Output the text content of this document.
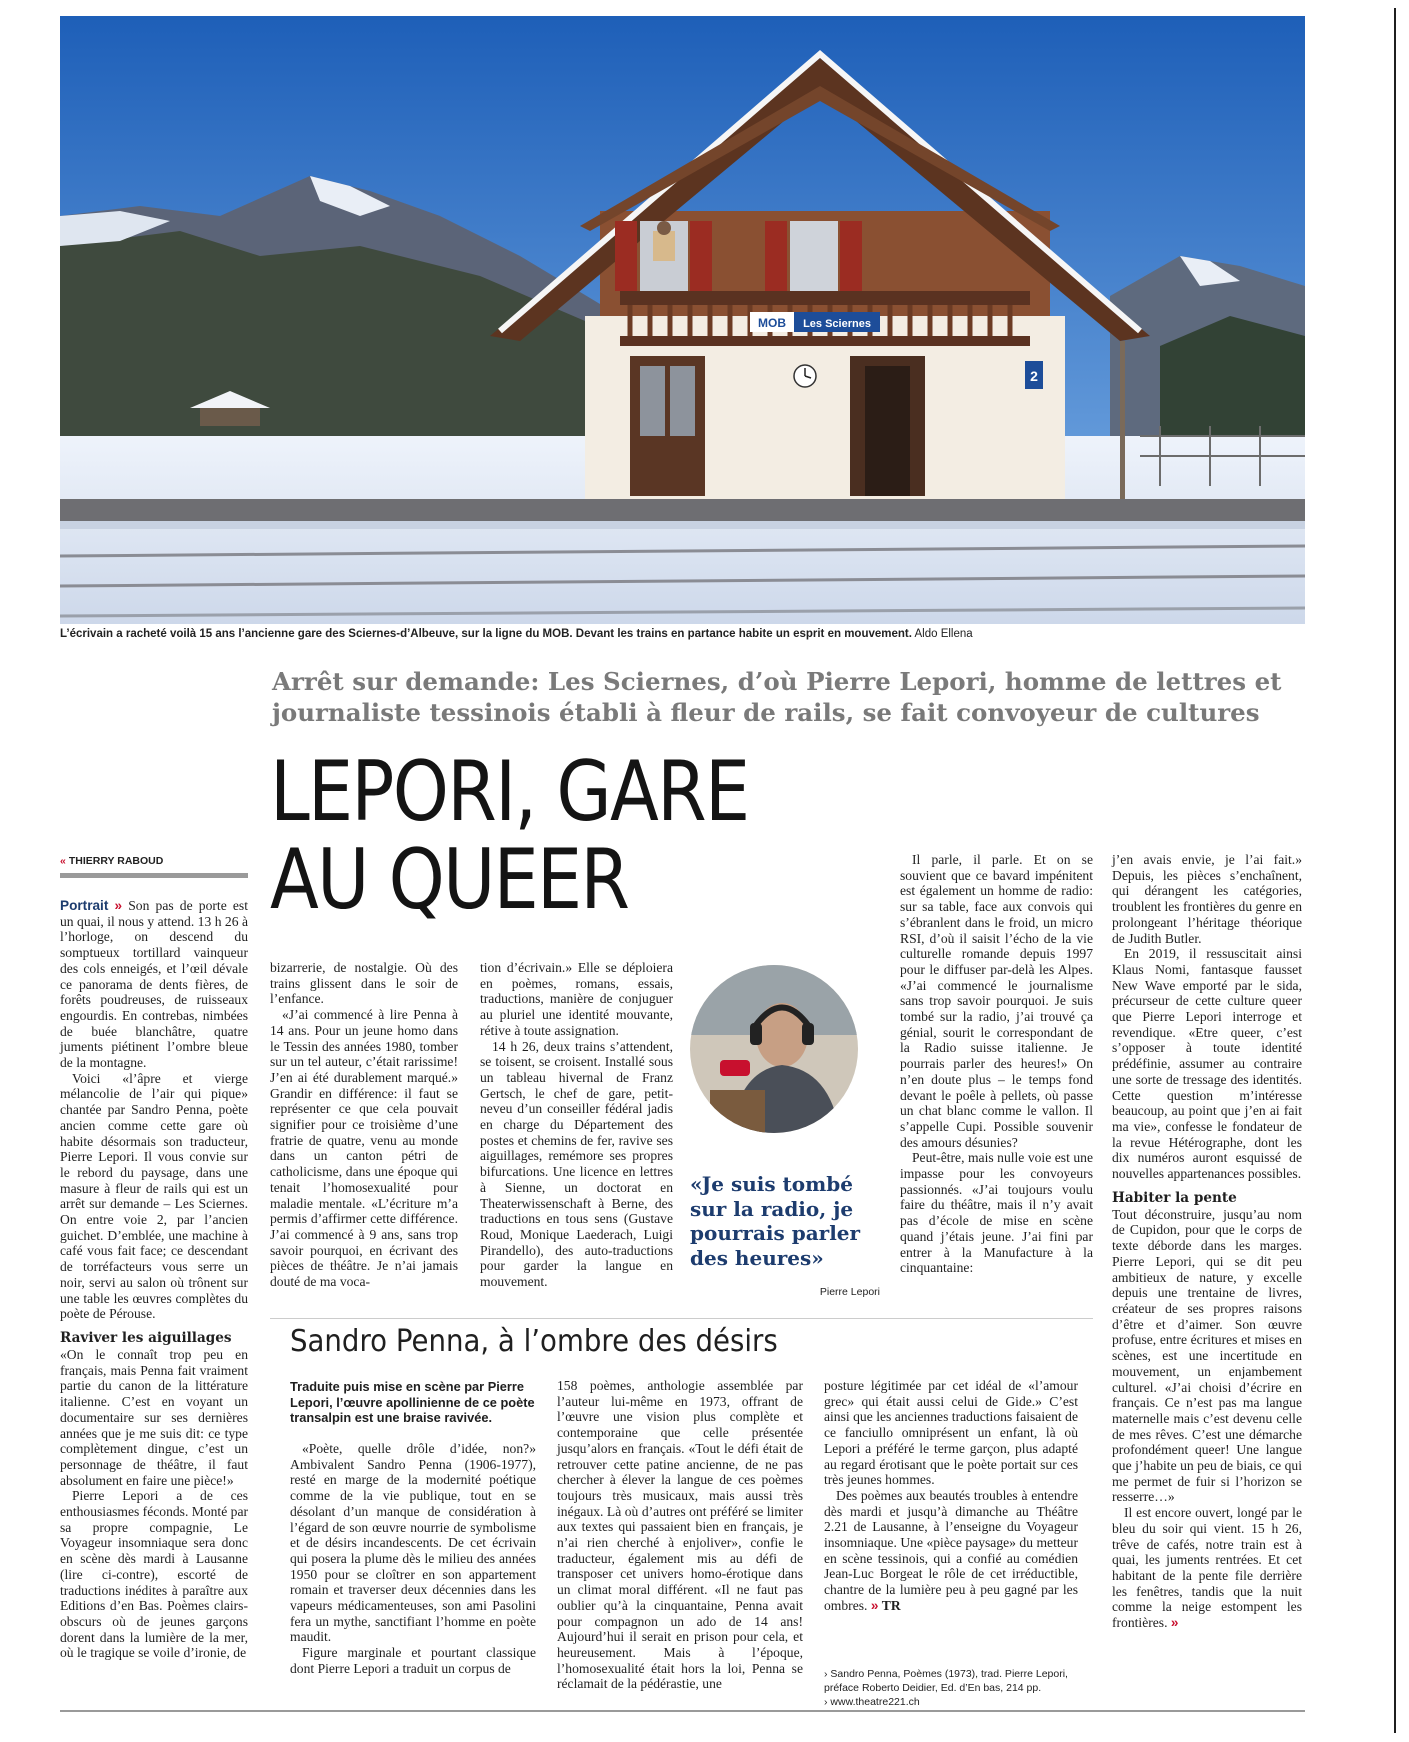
MOB Les Sciernes
2
L’écrivain a racheté voilà 15 ans l’ancienne gare des Sciernes-d’Albeuve, sur la ligne du MOB. Devant les trains en partance habite un esprit en mouvement. Aldo Ellena
Arrêt sur demande: Les Sciernes, d’où Pierre Lepori, homme de lettres et journaliste tessinois établi à fleur de rails, se fait convoyeur de cultures
LEPORI, GARE
AU QUEER
« THIERRY RABOUD

Portrait » Son pas de porte est un quai, il nous y attend. 13 h 26 à l’horloge, on descend du somptueux tortillard vainqueur des cols enneigés, et l’œil dévale ce panorama de dents fières, de forêts poudreuses, de ruisseaux engourdis. En contrebas, nimbées de buée blanchâtre, quatre juments piétinent l’ombre bleue de la montagne.

Voici «l’âpre et vierge mélancolie de l’air qui pique» chantée par Sandro Penna, poète ancien comme cette gare où habite désormais son traducteur, Pierre Lepori. Il vous convie sur le rebord du paysage, dans une masure à fleur de rails qui est un arrêt sur demande – Les Sciernes. On entre voie 2, par l’ancien guichet. D’emblée, une machine à café vous fait face; ce descendant de torréfacteurs vous serre un noir, servi au salon où trônent sur une table les œuvres complètes du poète de Pérouse.

Raviver les aiguillages

«On le connaît trop peu en français, mais Penna fait vraiment partie du canon de la littérature italienne. C’est en voyant un documentaire sur ses dernières années que je me suis dit: ce type complètement dingue, c’est un personnage de théâtre, il faut absolument en faire une pièce!»

Pierre Lepori a de ces enthousiasmes féconds. Monté par sa propre compagnie, Le Voyageur insomniaque sera donc en scène dès mardi à Lausanne (lire ci-contre), escorté de traductions inédites à paraître aux Editions d’en Bas. Poèmes clairs-obscurs où de jeunes garçons dorent dans la lumière de la mer, où le tragique se voile d’ironie, de

bizarrerie, de nostalgie. Où des trains glissent dans le soir de l’enfance.

«J’ai commencé à lire Penna à 14 ans. Pour un jeune homo dans le Tessin des années 1980, tomber sur un tel auteur, c’était rarissime! J’en ai été durablement marqué.» Grandir en différence: il faut se représenter ce que cela pouvait signifier pour ce troisième d’une fratrie de quatre, venu au monde dans un canton pétri de catholicisme, dans une époque qui tenait l’homosexualité pour maladie mentale. «L’écriture m’a permis d’affirmer cette différence. J’ai commencé à 9 ans, sans trop savoir pourquoi, en écrivant des pièces de théâtre. Je n’ai jamais douté de ma voca-

tion d’écrivain.» Elle se déploiera en poèmes, romans, essais, traductions, manière de conjuguer au pluriel une identité mouvante, rétive à toute assignation.

14 h 26, deux trains s’attendent, se toisent, se croisent. Installé sous un tableau hivernal de Franz Gertsch, le chef de gare, petit-neveu d’un conseiller fédéral jadis en charge du Département des postes et chemins de fer, ravive ses aiguillages, remémore ses propres bifurcations. Une licence en lettres à Sienne, un doctorat en Theaterwissenschaft à Berne, des traductions en tous sens (Gustave Roud, Monique Laederach, Luigi Pirandello), des auto-traductions pour garder la langue en mouvement.

«Je suis tombé sur la radio, je pourrais parler des heures»
Pierre Lepori

Il parle, il parle. Et on se souvient que ce bavard impénitent est également un homme de radio: sur sa table, face aux convois qui s’ébranlent dans le froid, un micro RSI, d’où il saisit l’écho de la vie culturelle romande depuis 1997 pour le diffuser par-delà les Alpes. «J’ai commencé le journalisme sans trop savoir pourquoi. Je suis tombé sur la radio, j’ai trouvé ça génial, sourit le correspondant de la Radio suisse italienne. Je pourrais parler des heures!» On n’en doute plus – le temps fond devant le poêle à pellets, où passe un chat blanc comme le vallon. Il s’appelle Cupi. Possible souvenir des amours désunies?

Peut-être, mais nulle voie est une impasse pour les convoyeurs passionnés. «J’ai toujours voulu faire du théâtre, mais il n’y avait pas d’école de mise en scène quand j’étais jeune. J’ai fini par entrer à la Manufacture à la cinquantaine:

j’en avais envie, je l’ai fait.» Depuis, les pièces s’enchaînent, qui dérangent les catégories, troublent les frontières du genre en prolongeant l’héritage théorique de Judith Butler.

En 2019, il ressuscitait ainsi Klaus Nomi, fantasque fausset New Wave emporté par le sida, précurseur de cette culture queer que Pierre Lepori interroge et revendique. «Etre queer, c’est s’opposer à toute identité prédéfinie, assumer au contraire une sorte de tressage des identités. Cette question m’intéresse beaucoup, au point que j’en ai fait ma vie», confesse le fondateur de la revue Hétérographe, dont les dix numéros auront esquissé de nouvelles appartenances possibles.

Habiter la pente

Tout déconstruire, jusqu’au nom de Cupidon, pour que le corps de texte déborde dans les marges. Pierre Lepori, qui se dit peu ambitieux de nature, y excelle depuis une trentaine de livres, créateur de ses propres raisons d’être et d’aimer. Son œuvre profuse, entre écritures et mises en scènes, est une incertitude en mouvement, un enjambement culturel. «J’ai choisi d’écrire en français. Ce n’est pas ma langue maternelle mais c’est devenu celle de mes rêves. C’est une démarche profondément queer! Une langue que j’habite un peu de biais, ce qui me permet de fuir si l’horizon se resserre…»

Il est encore ouvert, longé par le bleu du soir qui vient. 15 h 26, trêve de cafés, notre train est à quai, les juments rentrées. Et cet habitant de la pente file derrière les fenêtres, tandis que la nuit comme la neige estompent les frontières. »

Sandro Penna, à l’ombre des désirs
Traduite puis mise en scène par Pierre Lepori, l’œuvre apollinienne de ce poète transalpin est une braise ravivée.

«Poète, quelle drôle d’idée, non?» Ambivalent Sandro Penna (1906-1977), resté en marge de la modernité poétique comme de la vie publique, tout en se désolant d’un manque de considération à l’égard de son œuvre nourrie de symbolisme et de désirs incandescents. De cet écrivain qui posera la plume dès le milieu des années 1950 pour se cloîtrer en son appartement romain et traverser deux décennies dans les vapeurs médicamenteuses, son ami Pasolini fera un mythe, sanctifiant l’homme en poète maudit.

Figure marginale et pourtant classique dont Pierre Lepori a traduit un corpus de

158 poèmes, anthologie assemblée par l’auteur lui-même en 1973, offrant de l’œuvre une vision plus complète et contemporaine que celle présentée jusqu’alors en français. «Tout le défi était de retrouver cette patine ancienne, de ne pas chercher à élever la langue de ces poèmes toujours très musicaux, mais aussi très inégaux. Là où d’autres ont préféré se limiter aux textes qui passaient bien en français, je n’ai rien cherché à enjoliver», confie le traducteur, également mis au défi de transposer cet univers homo-érotique dans un climat moral différent. «Il ne faut pas oublier qu’à la cinquantaine, Penna avait pour compagnon un ado de 14 ans! Aujourd’hui il serait en prison pour cela, et heureusement. Mais à l’époque, l’homosexualité était hors la loi, Penna se réclamait de la pédérastie, une

posture légitimée par cet idéal de «l’amour grec» qui était aussi celui de Gide.» C’est ainsi que les anciennes traductions faisaient de ce fanciullo omniprésent un enfant, là où Lepori a préféré le terme garçon, plus adapté au regard érotisant que le poète portait sur ces très jeunes hommes.

Des poèmes aux beautés troubles à entendre dès mardi et jusqu’à dimanche au Théâtre 2.21 de Lausanne, à l’enseigne du Voyageur insomniaque. Une «pièce paysage» du metteur en scène tessinois, qui a confié au comédien Jean-Luc Borgeat le rôle de cet irréductible, chantre de la lumière peu à peu gagné par les ombres. » TR

› Sandro Penna, Poèmes (1973), trad. Pierre Lepori, préface Roberto Deidier, Ed. d’En bas, 214 pp.
› www.theatre221.ch
